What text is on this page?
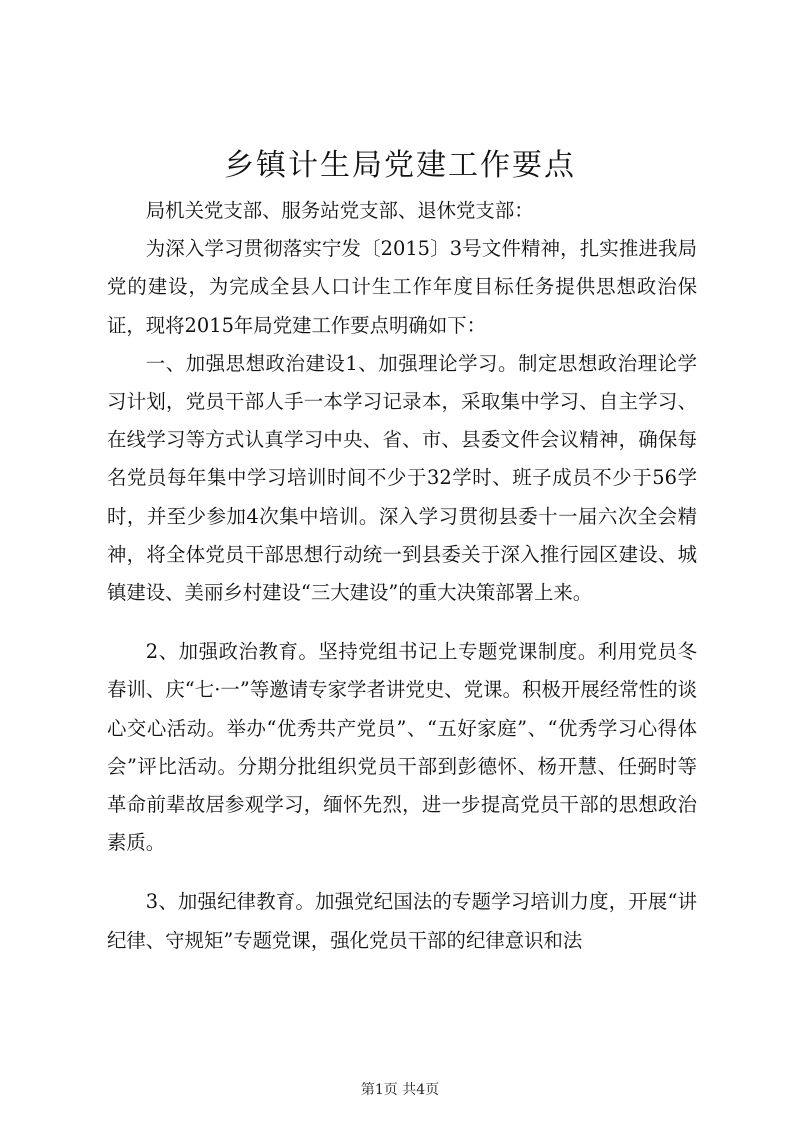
乡镇计生局党建工作要点

局机关党支部、服务站党支部、退休党支部：

为深入学习贯彻落实宁发〔2015〕3号文件精神，扎实推进我局党的建设，为完成全县人口计生工作年度目标任务提供思想政治保证，现将2015年局党建工作要点明确如下：

一、加强思想政治建设1、加强理论学习。制定思想政治理论学习计划，党员干部人手一本学习记录本，采取集中学习、自主学习、在线学习等方式认真学习中央、省、市、县委文件会议精神，确保每名党员每年集中学习培训时间不少于32学时、班子成员不少于56学时，并至少参加4次集中培训。深入学习贯彻县委十一届六次全会精神，将全体党员干部思想行动统一到县委关于深入推行园区建设、城镇建设、美丽乡村建设“三大建设”的重大决策部署上来。

2、加强政治教育。坚持党组书记上专题党课制度。利用党员冬春训、庆“七·一”等邀请专家学者讲党史、党课。积极开展经常性的谈心交心活动。举办“优秀共产党员”、“五好家庭”、“优秀学习心得体会”评比活动。分期分批组织党员干部到彭德怀、杨开慧、任弼时等革命前辈故居参观学习，缅怀先烈，进一步提高党员干部的思想政治素质。

3、加强纪律教育。加强党纪国法的专题学习培训力度，开展“讲纪律、守规矩”专题党课，强化党员干部的纪律意识和法

第1页 共4页
